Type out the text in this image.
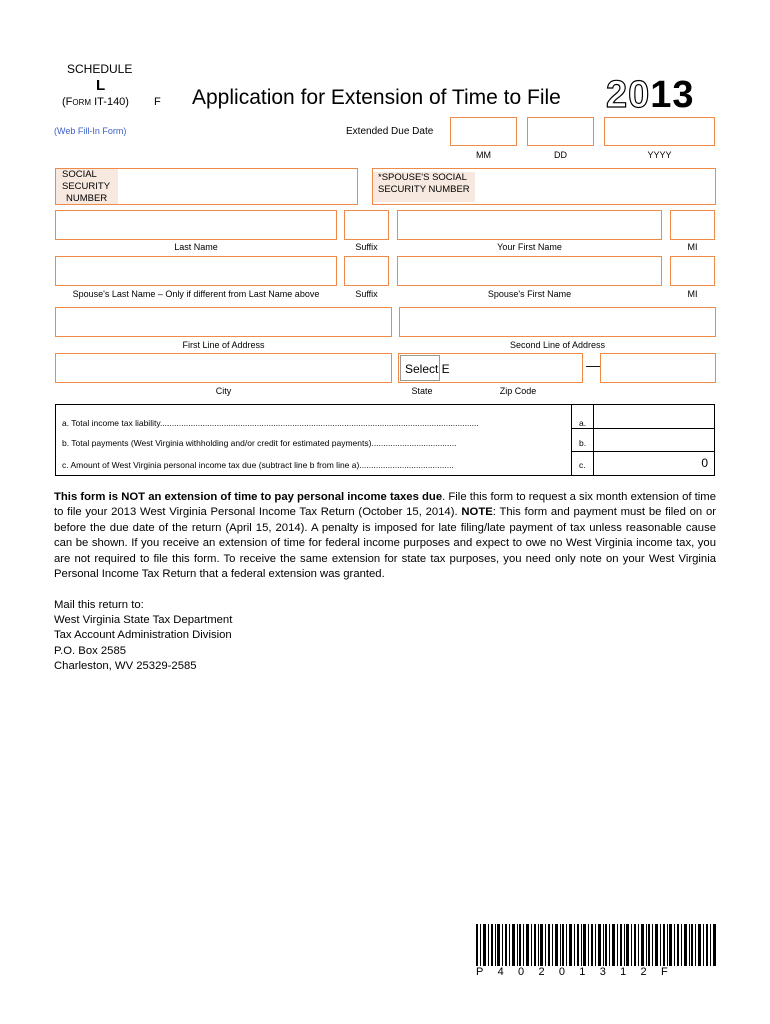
SCHEDULE
L
(FORM IT-140) F Application for Extension of Time to File 2013
(Web Fill-In Form)	Extended Due Date
MM	DD	YYYY
SOCIAL
SECURITY
NUMBER
*SPOUSE'S SOCIAL
SECURITY NUMBER
Last Name	Suffix	Your First Name	MI
Spouse's Last Name – Only if different from Last Name above	Suffix	Spouse's First Name	MI
First Line of Address	Second Line of Address
Select E	—
City	State	Zip Code
a. Total income tax liability.......................................................................................................................................
b. Total payments (West Virginia withholding and/or credit for estimated payments)....................................
c. Amount of West Virginia personal income tax due (subtract line b from line a)........................................
a.
b.
c.	0
This form is NOT an extension of time to pay personal income taxes due. File this form to request a six month extension of time to file your 2013 West Virginia Personal Income Tax Return (October 15, 2014). NOTE: This form and payment must be filed on or before the due date of the return (April 15, 2014). A penalty is imposed for late filing/late payment of tax unless reasonable cause can be shown. If you receive an extension of time for federal income purposes and expect to owe no West Virginia income tax, you are not required to file this form. To receive the same extension for state tax purposes, you need only note on your West Virginia Personal Income Tax Return that a federal extension was granted.
Mail this return to:
West Virginia State Tax Department
Tax Account Administration Division
P.O. Box 2585
Charleston, WV 25329-2585
P40201312F
